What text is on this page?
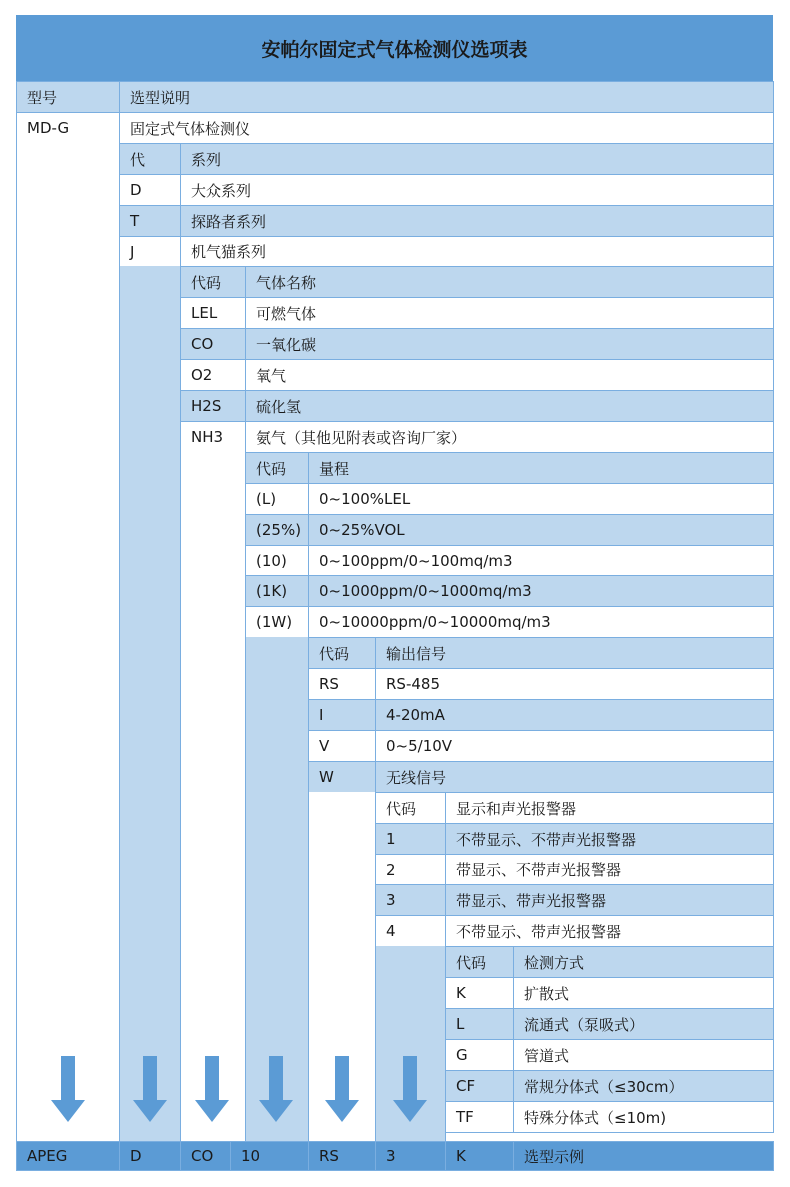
安帕尔固定式气体检测仪选项表
型号	选型说明
MD-G	固定式气体检测仪
代	系列
D	大众系列
T	探路者系列
J	机气猫系列
代码	气体名称
LEL	可燃气体
CO	一氧化碳
O2	氧气
H2S	硫化氢
NH3	氨气（其他见附表或咨询厂家）
代码	量程
(L)	0~100%LEL
(25%)	0~25%VOL
(10)	0~100ppm/0~100mq/m3
(1K)	0~1000ppm/0~1000mq/m3
(1W)	0~10000ppm/0~10000mq/m3
代码	输出信号
RS	RS-485
I	4-20mA
V	0~5/10V
W	无线信号
代码	显示和声光报警器
1	不带显示、不带声光报警器
2	带显示、不带声光报警器
3	带显示、带声光报警器
4	不带显示、带声光报警器
代码	检测方式
K	扩散式
L	流通式（泵吸式）
G	管道式
CF	常规分体式（≤30cm）
TF	特殊分体式（≤10m)
APEG	D	CO	10	RS	3	K	选型示例
